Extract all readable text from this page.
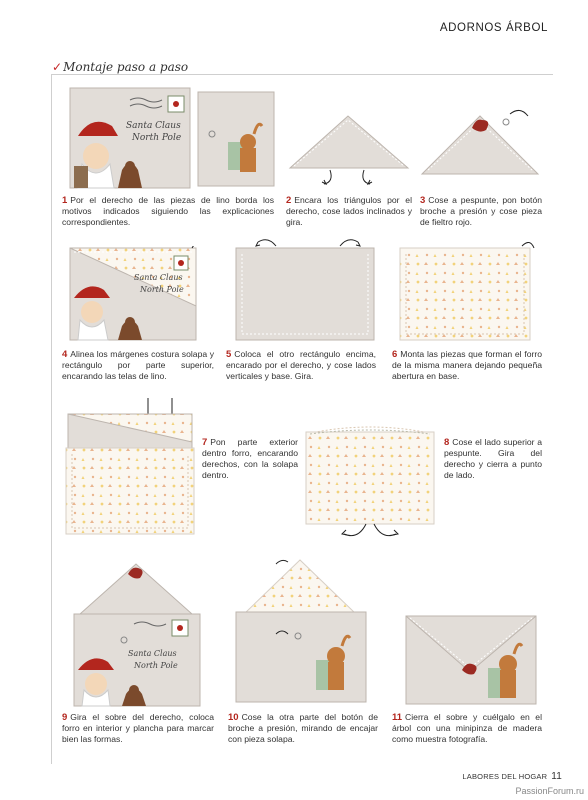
ADORNOS ÁRBOL
✓Montaje paso a paso
Santa Claus
North Pole
1 Por el derecho de las piezas de lino borda los motivos indicados siguiendo las explicaciones correspondientes.
2 Encara los triángulos por el derecho, cose lados inclinados y gira.
3 Cose a pespunte, pon botón broche a presión y cose pieza de fieltro rojo.
Santa Claus
North Pole
4 Alinea los márgenes costura solapa y rectángulo por parte superior, encarando las telas de lino.
5 Coloca el otro rectángulo encima, encarado por el derecho, y cose lados verticales y base. Gira.
6 Monta las piezas que forman el forro de la misma manera dejando pequeña abertura en base.
7 Pon parte exterior dentro forro, encarando derechos, con la solapa dentro.
8 Cose el lado superior a pespunte. Gira del derecho y cierra a punto de lado.
Santa Claus
North Pole
9 Gira el sobre del derecho, coloca forro en interior y plancha para marcar bien las formas.
10 Cose la otra parte del botón de broche a presión, mirando de encajar con pieza solapa.
11 Cierra el sobre y cuélgalo en el árbol con una minipinza de madera como muestra fotografía.
LABORES DEL HOGAR 11
PassionForum.ru
